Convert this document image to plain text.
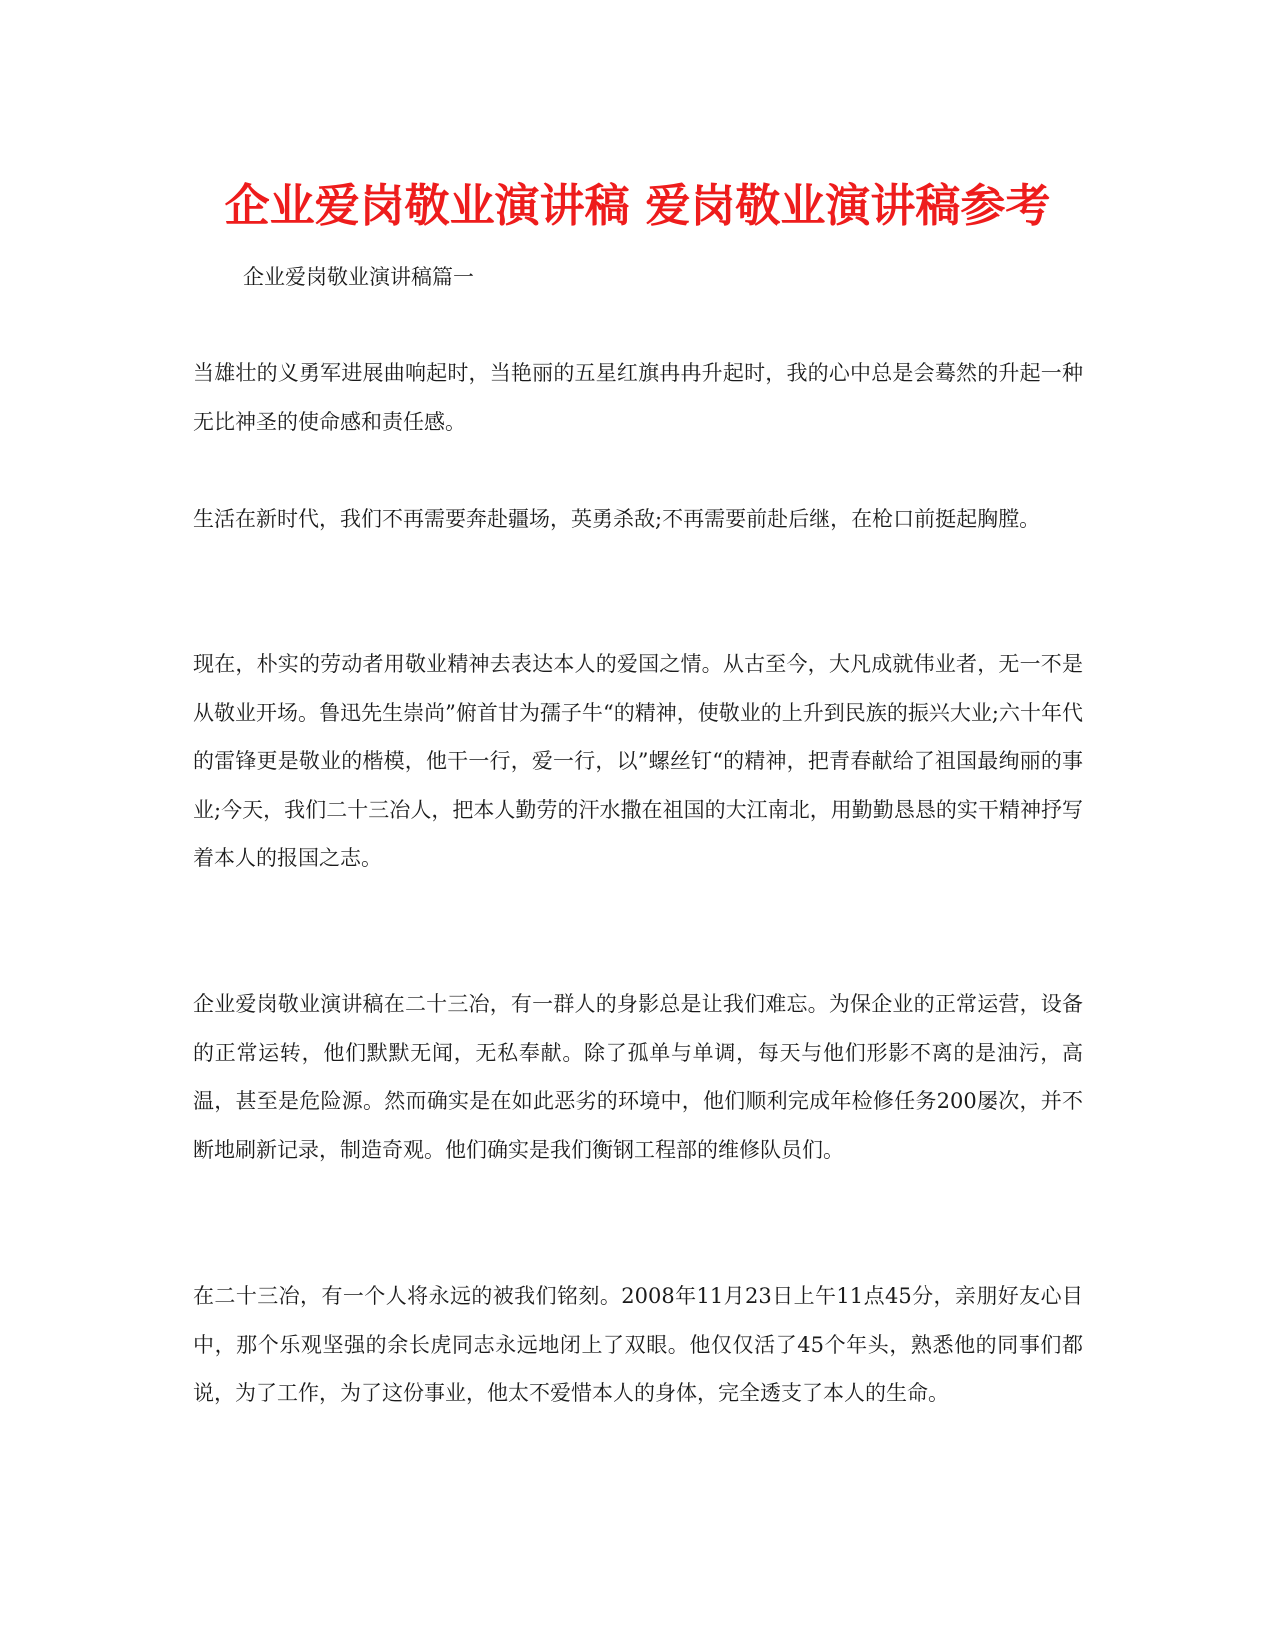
企业爱岗敬业演讲稿 爱岗敬业演讲稿参考

企业爱岗敬业演讲稿篇一

当雄壮的义勇军进展曲响起时，当艳丽的五星红旗冉冉升起时，我的心中总是会蓦然的升起一种无比神圣的使命感和责任感。

生活在新时代，我们不再需要奔赴疆场，英勇杀敌;不再需要前赴后继，在枪口前挺起胸膛。

现在，朴实的劳动者用敬业精神去表达本人的爱国之情。从古至今，大凡成就伟业者，无一不是从敬业开场。鲁迅先生崇尚”俯首甘为孺子牛“的精神，使敬业的上升到民族的振兴大业;六十年代的雷锋更是敬业的楷模，他干一行，爱一行，以”螺丝钉“的精神，把青春献给了祖国最绚丽的事业;今天，我们二十三冶人，把本人勤劳的汗水撒在祖国的大江南北，用勤勤恳恳的实干精神抒写着本人的报国之志。

企业爱岗敬业演讲稿在二十三冶，有一群人的身影总是让我们难忘。为保企业的正常运营，设备的正常运转，他们默默无闻，无私奉献。除了孤单与单调，每天与他们形影不离的是油污，高温，甚至是危险源。然而确实是在如此恶劣的环境中，他们顺利完成年检修任务200屡次，并不断地刷新记录，制造奇观。他们确实是我们衡钢工程部的维修队员们。

在二十三冶，有一个人将永远的被我们铭刻。2008年11月23日上午11点45分，亲朋好友心目中，那个乐观坚强的余长虎同志永远地闭上了双眼。他仅仅活了45个年头，熟悉他的同事们都说，为了工作，为了这份事业，他太不爱惜本人的身体，完全透支了本人的生命。
